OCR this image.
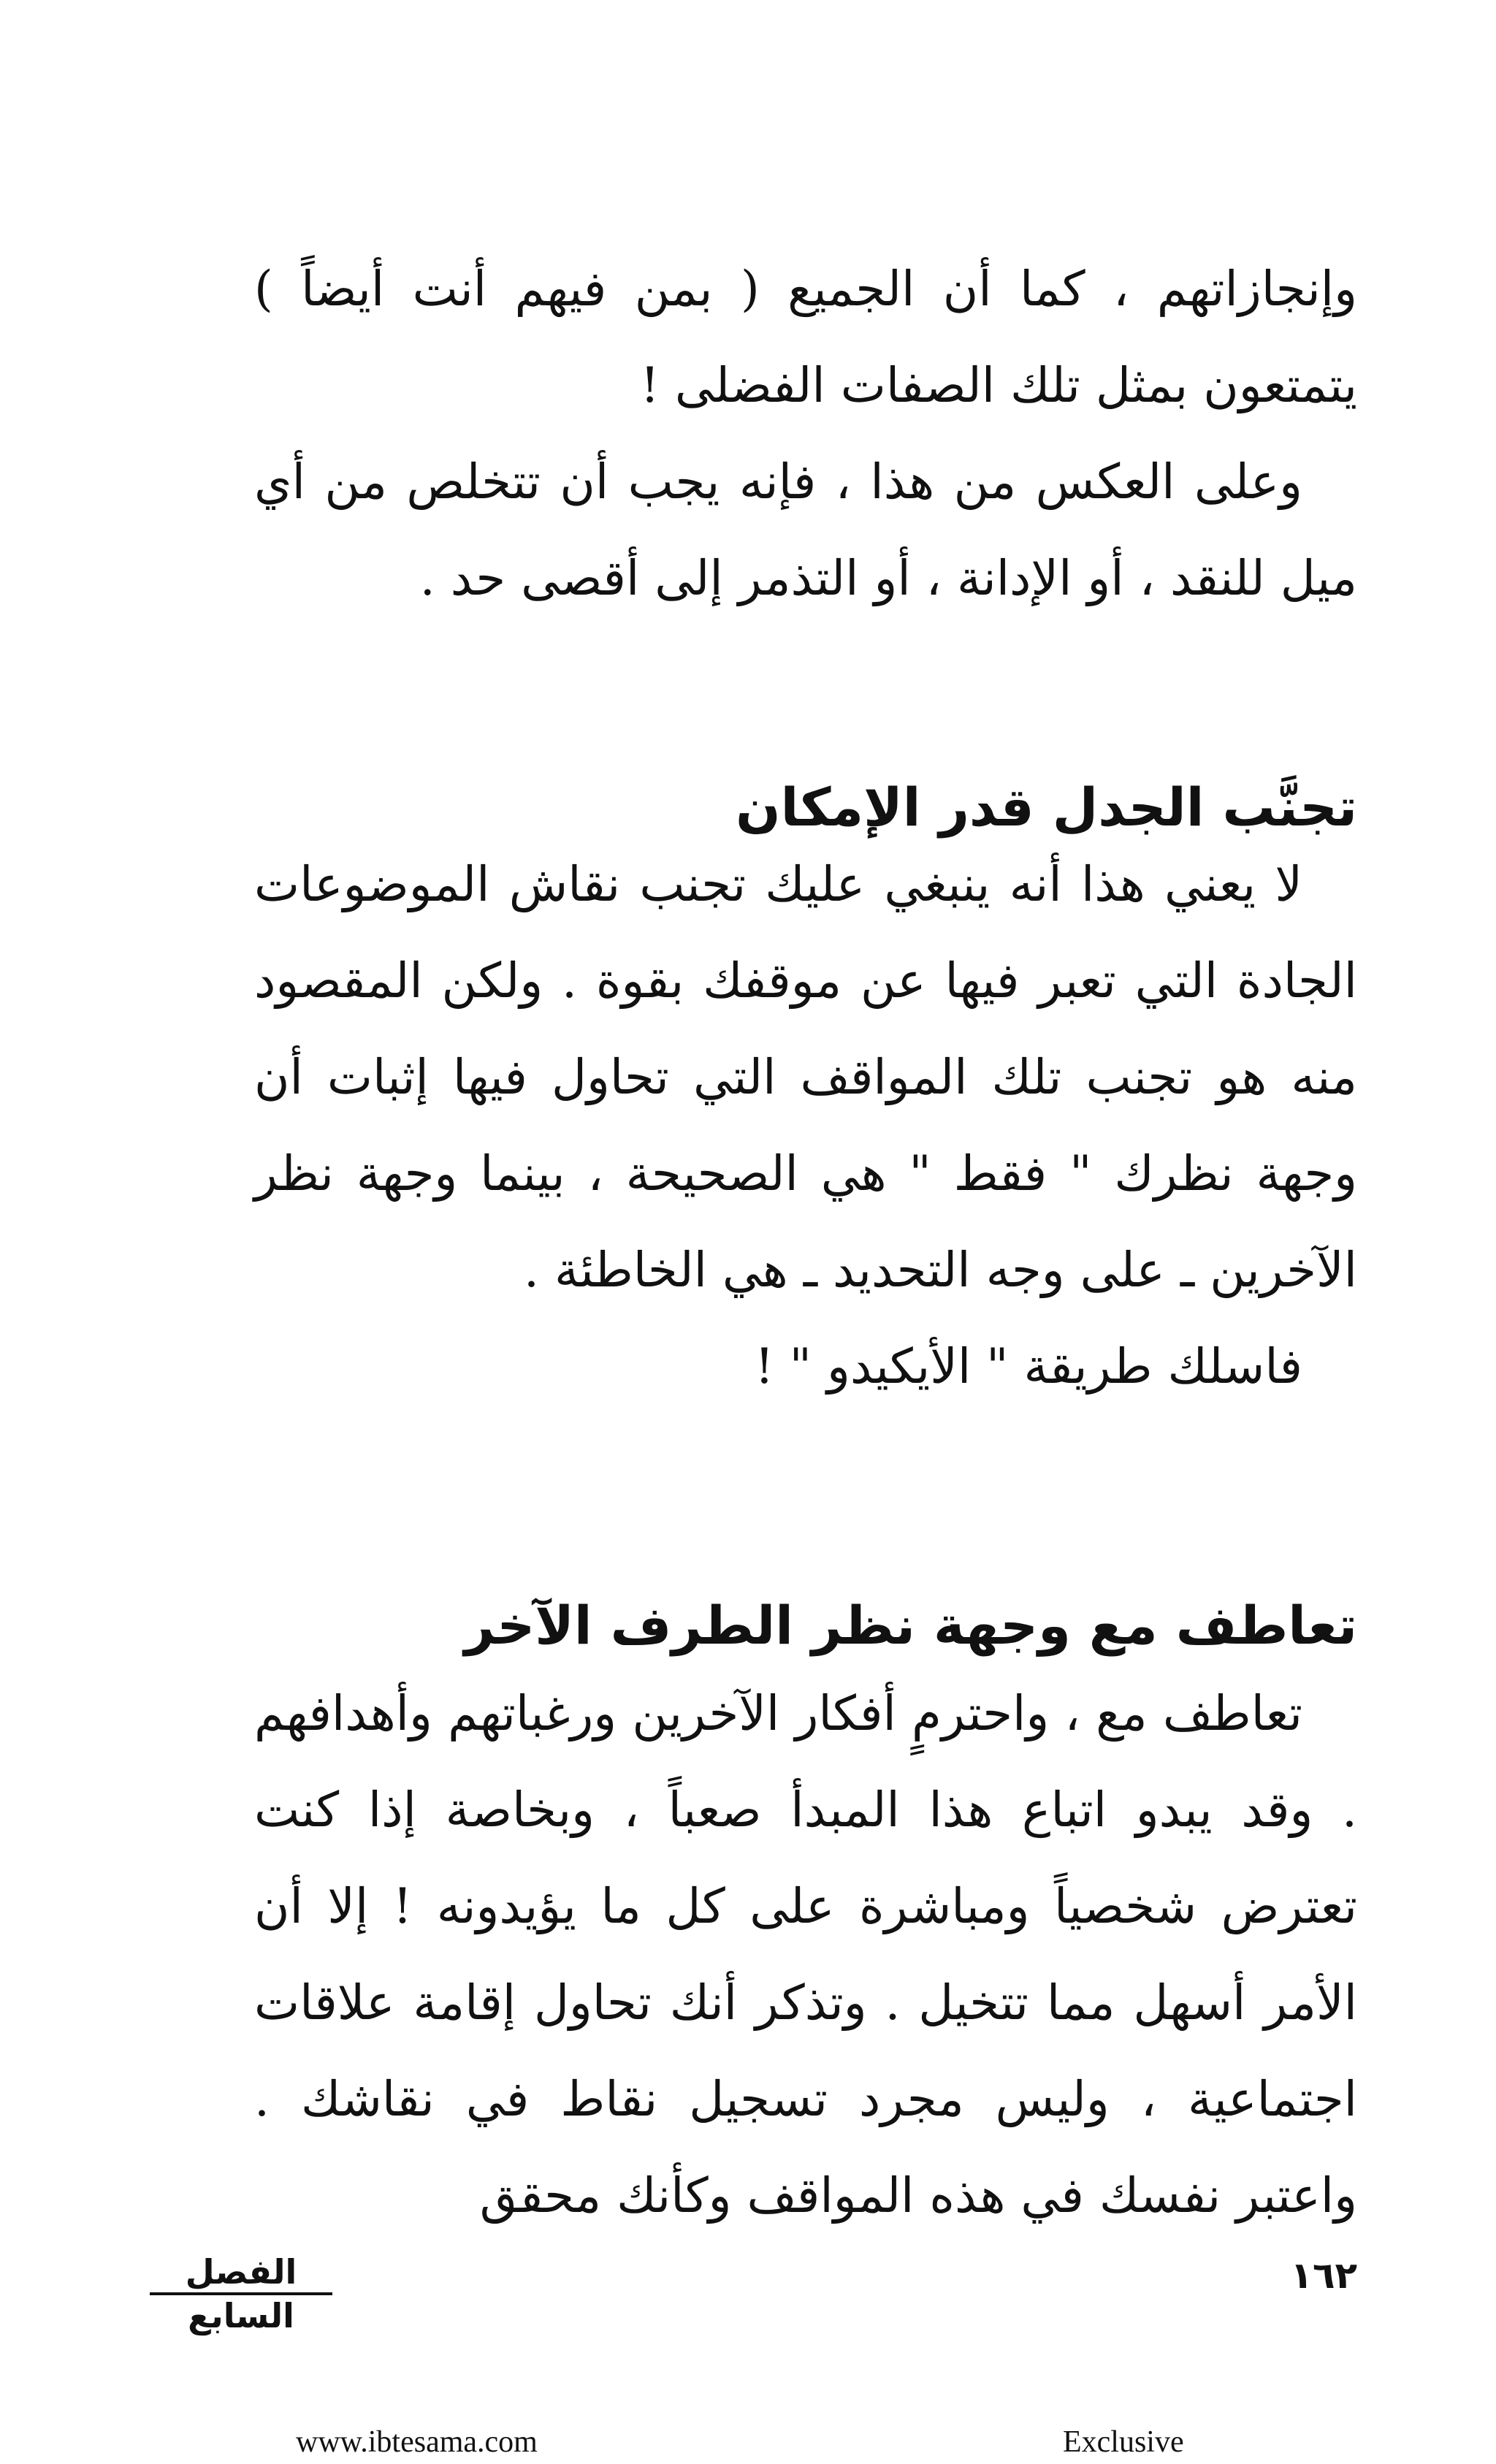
وإنجازاتهم ، كما أن الجميع ( بمن فيهم أنت أيضاً ) يتمتعون بمثل تلك الصفات الفضلى !

وعلى العكس من هذا ، فإنه يجب أن تتخلص من أي ميل للنقد ، أو الإدانة ، أو التذمر إلى أقصى حد .

تجنَّب الجدل قدر الإمكان

لا يعني هذا أنه ينبغي عليك تجنب نقاش الموضوعات الجادة التي تعبر فيها عن موقفك بقوة . ولكن المقصود منه هو تجنب تلك المواقف التي تحاول فيها إثبات أن وجهة نظرك " فقط " هي الصحيحة ، بينما وجهة نظر الآخرين ـ على وجه التحديد ـ هي الخاطئة .

فاسلك طريقة " الأيكيدو " !

تعاطف مع وجهة نظر الطرف الآخر

تعاطف مع ، واحترمٍ أفكار الآخرين ورغباتهم وأهدافهم . وقد يبدو اتباع هذا المبدأ صعباً ، وبخاصة إذا كنت تعترض شخصياً ومباشرة على كل ما يؤيدونه ! إلا أن الأمر أسهل مما تتخيل . وتذكر أنك تحاول إقامة علاقات اجتماعية ، وليس مجرد تسجيل نقاط في نقاشك . واعتبر نفسك في هذه المواقف وكأنك محقق

الفصل السابع
١٦٢
www.ibtesama.com	Exclusive
